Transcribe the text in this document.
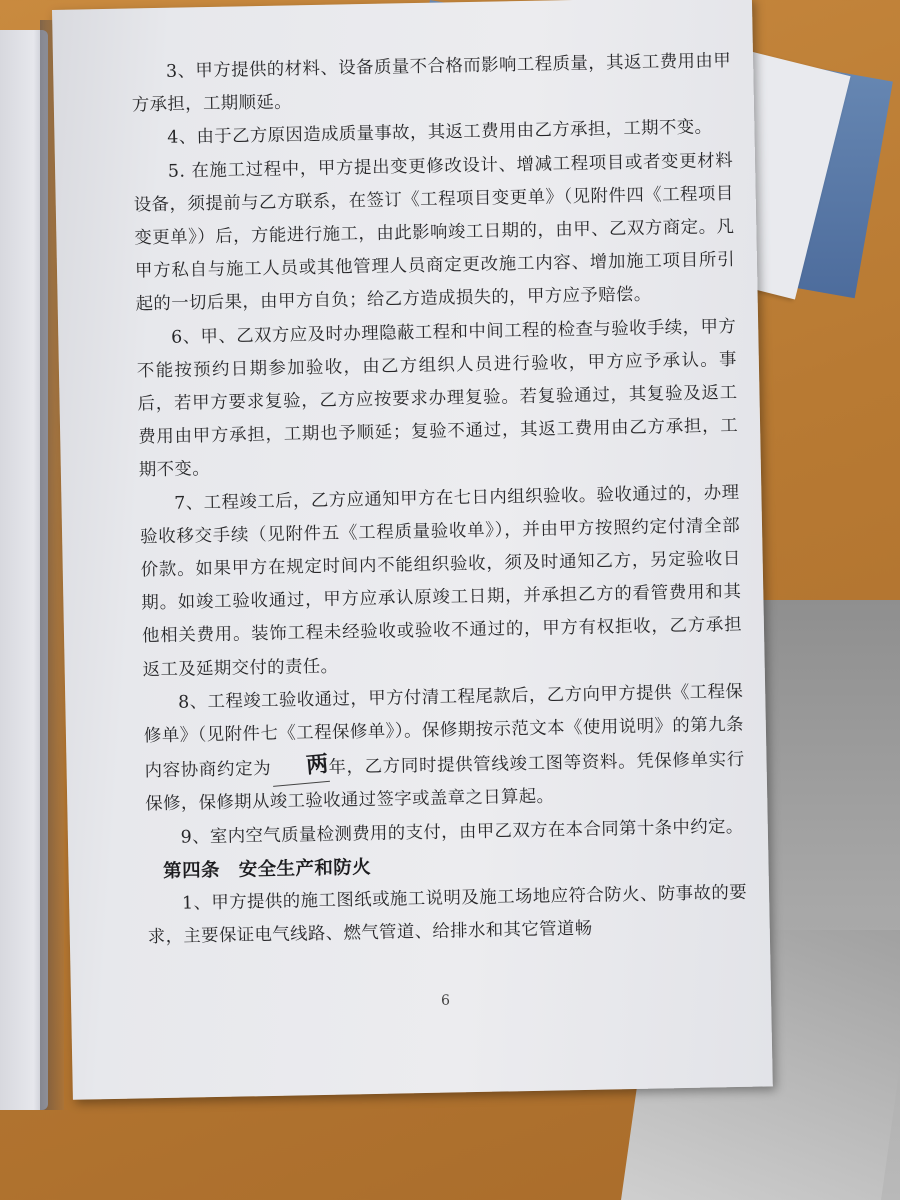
3、甲方提供的材料、设备质量不合格而影响工程质量，其返工费用由甲方承担，工期顺延。

4、由于乙方原因造成质量事故，其返工费用由乙方承担，工期不变。

5. 在施工过程中，甲方提出变更修改设计、增减工程项目或者变更材料设备，须提前与乙方联系，在签订《工程项目变更单》（见附件四《工程项目变更单》）后，方能进行施工，由此影响竣工日期的，由甲、乙双方商定。凡甲方私自与施工人员或其他管理人员商定更改施工内容、增加施工项目所引起的一切后果，由甲方自负；给乙方造成损失的，甲方应予赔偿。

6、甲、乙双方应及时办理隐蔽工程和中间工程的检查与验收手续，甲方不能按预约日期参加验收，由乙方组织人员进行验收，甲方应予承认。事后，若甲方要求复验，乙方应按要求办理复验。若复验通过，其复验及返工费用由甲方承担，工期也予顺延；复验不通过，其返工费用由乙方承担，工期不变。

7、工程竣工后，乙方应通知甲方在七日内组织验收。验收通过的，办理验收移交手续（见附件五《工程质量验收单》），并由甲方按照约定付清全部价款。如果甲方在规定时间内不能组织验收，须及时通知乙方，另定验收日期。如竣工验收通过，甲方应承认原竣工日期，并承担乙方的看管费用和其他相关费用。装饰工程未经验收或验收不通过的，甲方有权拒收，乙方承担返工及延期交付的责任。

8、工程竣工验收通过，甲方付清工程尾款后，乙方向甲方提供《工程保修单》（见附件七《工程保修单》）。保修期按示范文本《使用说明》的第九条内容协商约定为 两年，乙方同时提供管线竣工图等资料。凭保修单实行保修，保修期从竣工验收通过签字或盖章之日算起。

9、室内空气质量检测费用的支付，由甲乙双方在本合同第十条中约定。

第四条　安全生产和防火

1、甲方提供的施工图纸或施工说明及施工场地应符合防火、防事故的要求，主要保证电气线路、燃气管道、给排水和其它管道畅

6
